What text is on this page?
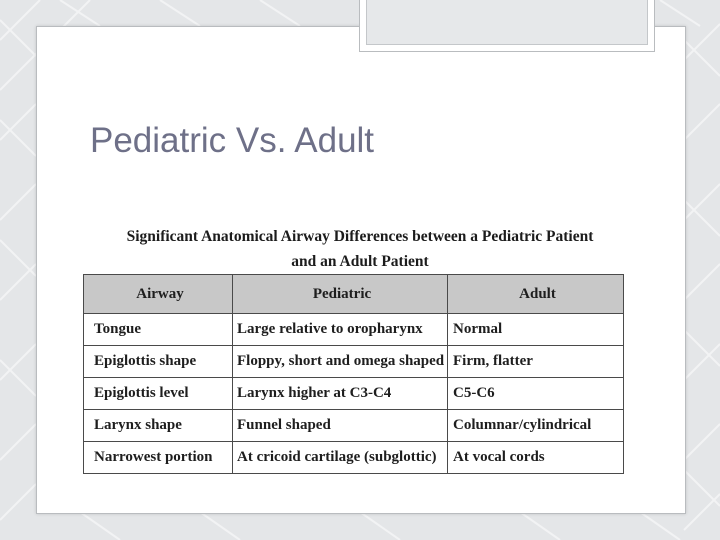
Pediatric Vs. Adult
Significant Anatomical Airway Differences between a Pediatric Patient
and an Adult Patient
Airway	Pediatric	Adult
Tongue	Large relative to oropharynx	Normal
Epiglottis shape	Floppy, short and omega shaped	Firm, flatter
Epiglottis level	Larynx higher at C3-C4	C5-C6
Larynx shape	Funnel shaped	Columnar/cylindrical
Narrowest portion	At cricoid cartilage (subglottic)	At vocal cords
